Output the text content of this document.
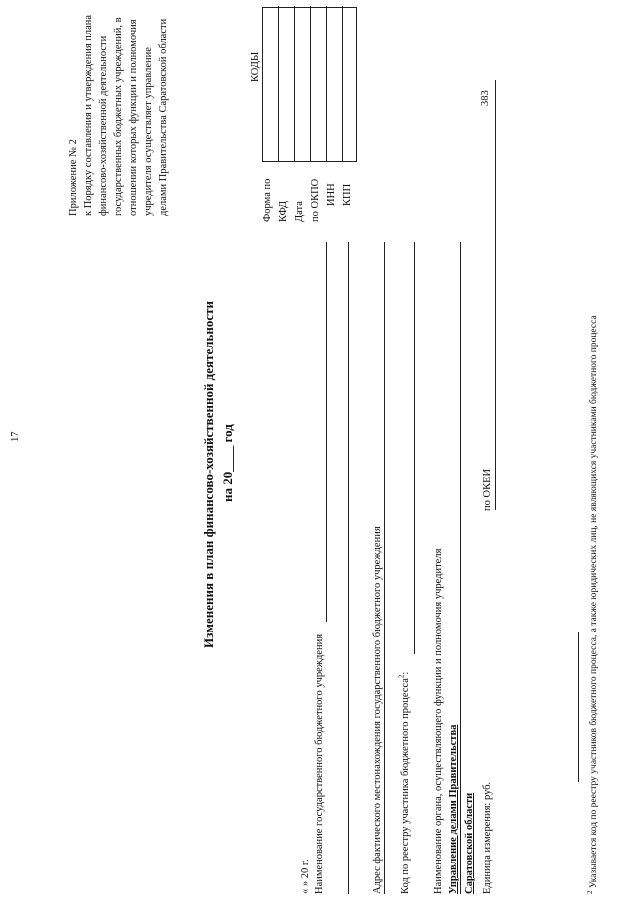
17
Приложение № 2 к Порядку составления и утверждения плана финансово-хозяйственной деятельности государственных бюджетных учреждений, в отношении которых функции и полномочия учредителя осуществляет управление делами Правительства Саратовской области
Изменения в план финансово-хозяйственной деятельности на 20____ год
Форма по КФД Дата по ОКПО ИНН КПП
по ОКЕИ
КОДЫ
383
« » 20 г. Наименование государственного бюджетного учреждения	Адрес фактического местонахождения государственного бюджетного учреждения Код по реестру участника бюджетного процесса$^2$: Наименование органа, осуществляющего функции и полномочия учредителя Управление делами Правительства Саратовской области Единица измерения: руб.	$^2$ Указывается код по реестру участников бюджетного процесса, а также юридических лиц, не являющихся участниками бюджетного процесса
